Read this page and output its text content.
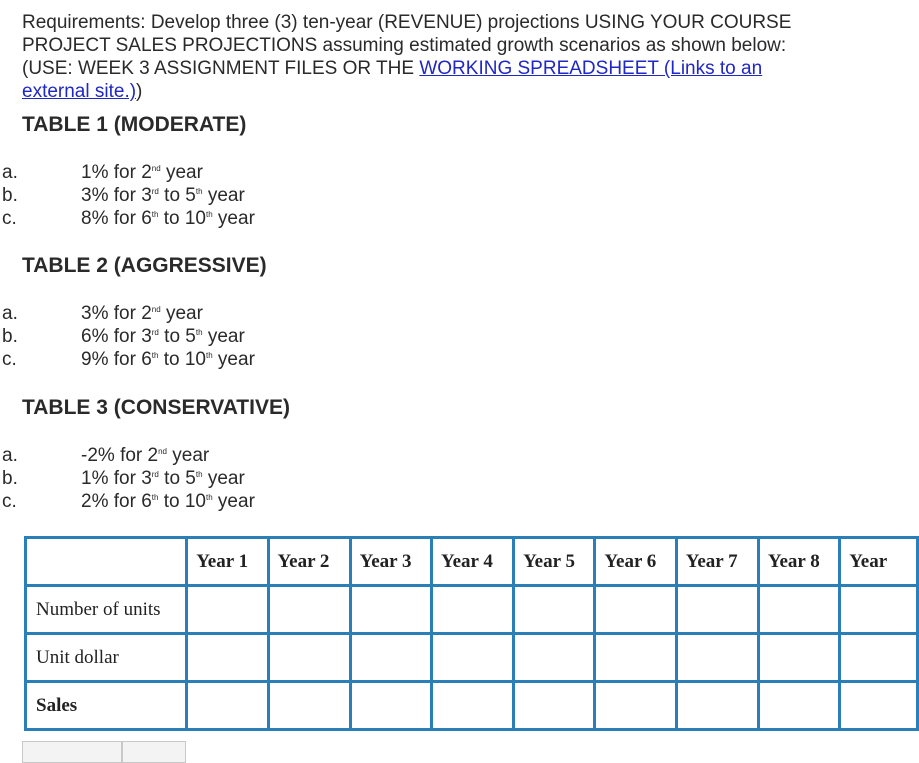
Requirements: Develop three (3) ten-year (REVENUE) projections USING YOUR COURSE PROJECT SALES PROJECTIONS assuming estimated growth scenarios as shown below: (USE: WEEK 3 ASSIGNMENT FILES OR THE WORKING SPREADSHEET (Links to an external site.))
TABLE 1 (MODERATE)
a.	1% for 2nd year
b.	3% for 3rd to 5th year
c.	8% for 6th to 10th year
TABLE 2 (AGGRESSIVE)
a.	3% for 2nd year
b.	6% for 3rd to 5th year
c.	9% for 6th to 10th year
TABLE 3 (CONSERVATIVE)
a.	-2% for 2nd year
b.	1% for 3rd to 5th year
c.	2% for 6th to 10th year
	Year 1	Year 2	Year 3	Year 4	Year 5	Year 6	Year 7	Year 8	Year
Number of units									
Unit dollar									
Sales									
